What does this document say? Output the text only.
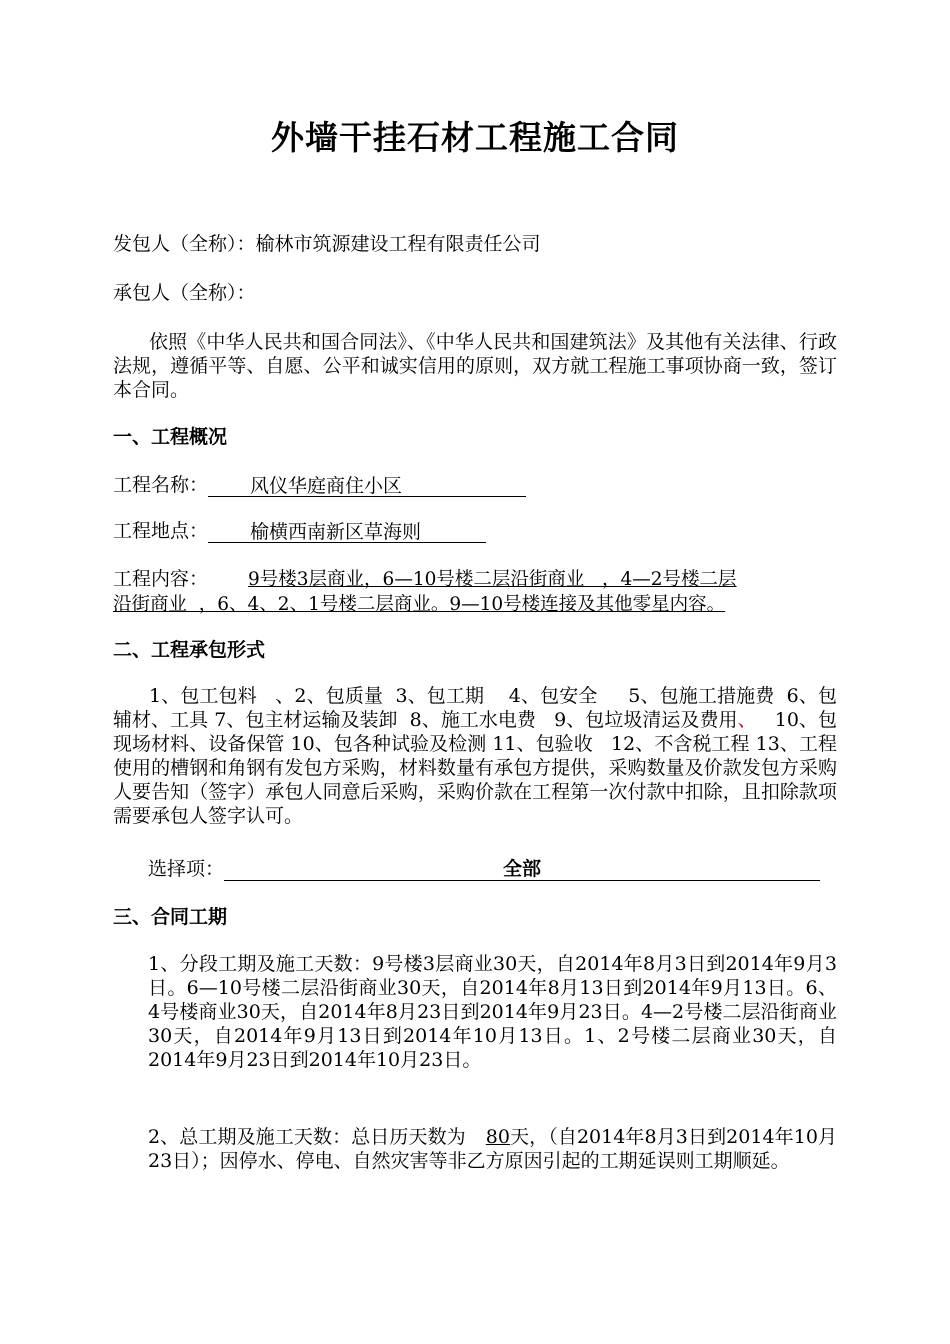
外墙干挂石材工程施工合同
发包人（全称）：榆林市筑源建设工程有限责任公司
承包人（全称）：
依照《中华人民共和国合同法》、《中华人民共和国建筑法》及其他有关法律、行政法规，遵循平等、自愿、公平和诚实信用的原则，双方就工程施工事项协商一致，签订本合同。
一、工程概况
工程名称： 风仪华庭商住小区
工程地点： 榆横西南新区草海则
工程内容： 9号楼3层商业，6—10号楼二层沿街商业   ，4—2号楼二层
沿街商业  ，6、4、2、1号楼二层商业。9—10号楼连接及其他零星内容。
二、工程承包形式
1、包工包料   、2、包质量  3、包工期    4、包安全     5、包施工措施费  6、包辅材、工具 7、包主材运输及装卸  8、施工水电费   9、包垃圾清运及费用、   10、包现场材料、设备保管 10、包各种试验及检测 11、包验收   12、不含税工程 13、工程使用的槽钢和角钢有发包方采购，材料数量有承包方提供，采购数量及价款发包方采购人要告知（签字）承包人同意后采购，采购价款在工程第一次付款中扣除，且扣除款项需要承包人签字认可。
选择项：	全部
三、合同工期
1、分段工期及施工天数：9号楼3层商业30天，自2014年8月3日到2014年9月3日。6—10号楼二层沿街商业30天，自2014年8月13日到2014年9月13日。6、4号楼商业30天，自2014年8月23日到2014年9月23日。4—2号楼二层沿街商业30天，自2014年9月13日到2014年10月13日。1、2号楼二层商业30天，自2014年9月23日到2014年10月23日。
2、总工期及施工天数：总日历天数为 80天，（自2014年8月3日到2014年10月23日）；因停水、停电、自然灾害等非乙方原因引起的工期延误则工期顺延。
